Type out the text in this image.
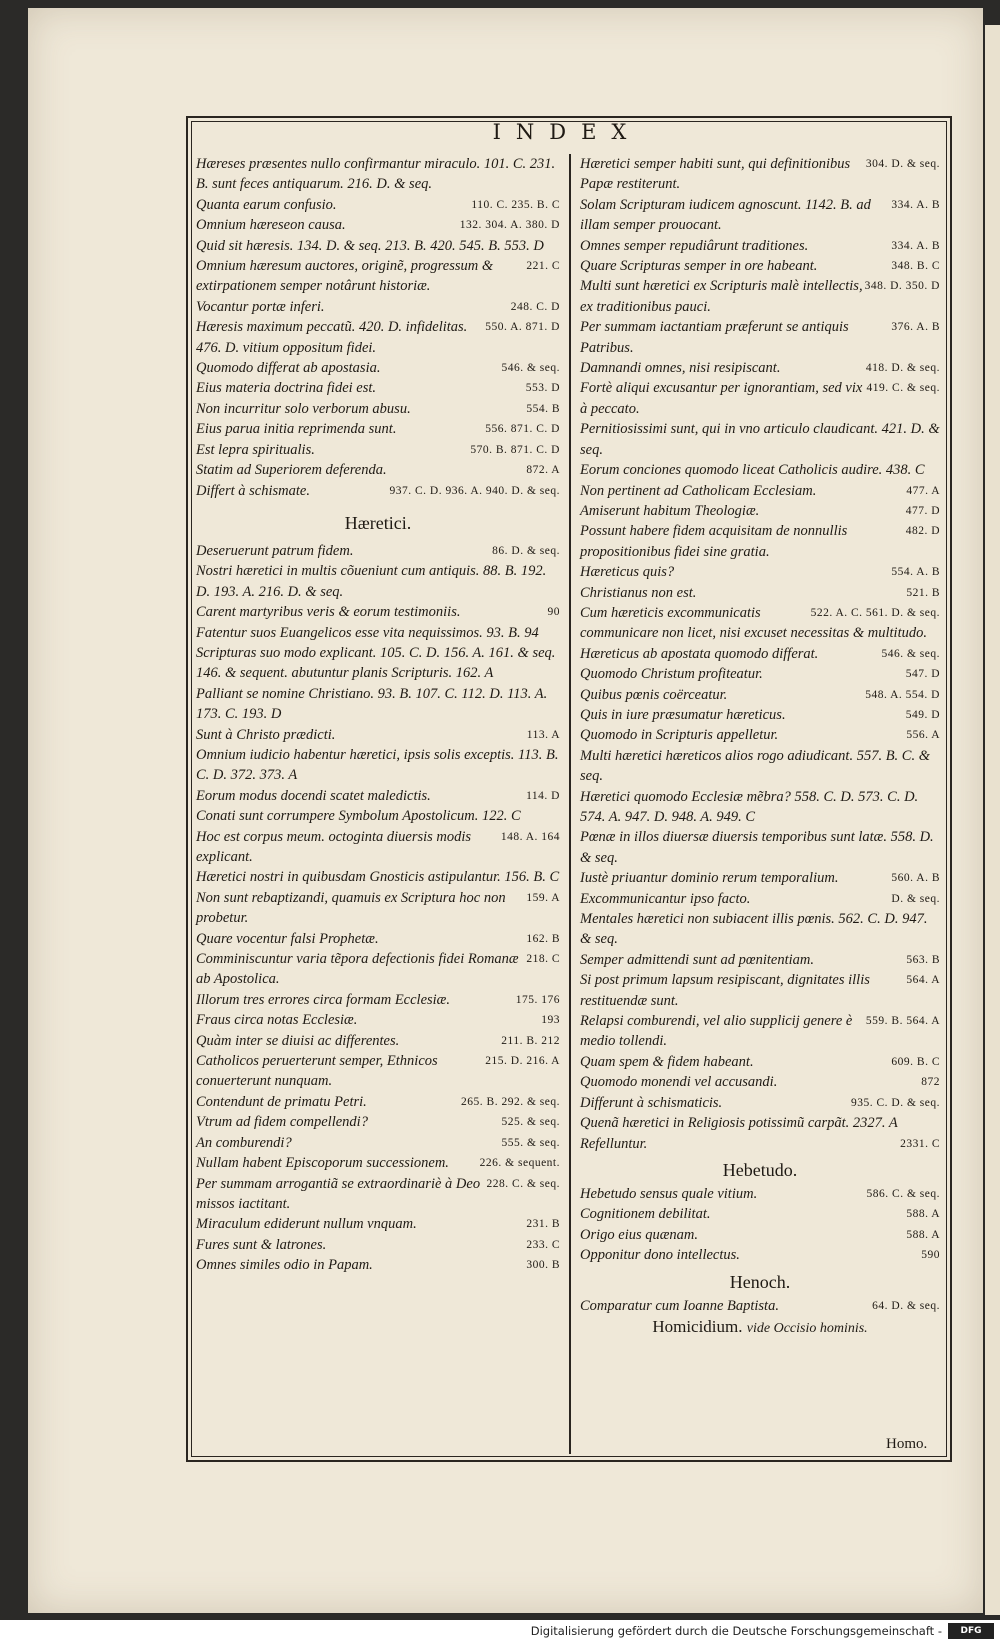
INDEX

Hæreses præsentes nullo confirmantur miraculo. 101. C. 231. B. sunt feces antiquarum. 216. D. & seq.

110. C. 235. B. C
Quanta earum confusio.

132. 304. A. 380. D
Omnium hæreseon causa.

Quid sit hæresis. 134. D. & seq. 213. B. 420. 545. B. 553. D

221. C
Omnium hæresum auctores, originẽ, progressum & extirpationem semper notârunt historiæ.

248. C. D
Vocantur portæ inferi.

550. A. 871. D
Hæresis maximum peccatũ. 420. D. infidelitas. 476. D. vitium oppositum fidei.

546. & seq.
Quomodo differat ab apostasia.

553. D
Eius materia doctrina fidei est.

554. B
Non incurritur solo verborum abusu.

556. 871. C. D
Eius parua initia reprimenda sunt.

570. B. 871. C. D
Est lepra spiritualis.

872. A
Statim ad Superiorem deferenda.

937. C. D. 936. A. 940. D. & seq.
Differt à schismate.

Hæretici.

86. D. & seq.
Deseruerunt patrum fidem.

Nostri hæretici in multis cõueniunt cum antiquis. 88. B. 192. D. 193. A. 216. D. & seq.

90
Carent martyribus veris & eorum testimoniis.

Fatentur suos Euangelicos esse vita nequissimos. 93. B. 94

Scripturas suo modo explicant. 105. C. D. 156. A. 161. & seq. 146. & sequent. abutuntur planis Scripturis. 162. A

Palliant se nomine Christiano. 93. B. 107. C. 112. D. 113. A. 173. C. 193. D

113. A
Sunt à Christo prædicti.

Omnium iudicio habentur hæretici, ipsis solis exceptis. 113. B. C. D. 372. 373. A

114. D
Eorum modus docendi scatet maledictis.

Conati sunt corrumpere Symbolum Apostolicum. 122. C

148. A. 164
Hoc est corpus meum. octoginta diuersis modis explicant.

Hæretici nostri in quibusdam Gnosticis astipulantur. 156. B. C

159. A
Non sunt rebaptizandi, quamuis ex Scriptura hoc non probetur.

162. B
Quare vocentur falsi Prophetæ.

218. C
Comminiscuntur varia tẽpora defectionis fidei Romanæ ab Apostolica.

175. 176
Illorum tres errores circa formam Ecclesiæ.

193
Fraus circa notas Ecclesiæ.

211. B. 212
Quàm inter se diuisi ac differentes.

215. D. 216. A
Catholicos peruerterunt semper, Ethnicos conuerterunt nunquam.

265. B. 292. & seq.
Contendunt de primatu Petri.

525. & seq.
Vtrum ad fidem compellendi?

555. & seq.
An comburendi?

226. & sequent.
Nullam habent Episcoporum successionem.

228. C. & seq.
Per summam arrogantiã se extraordinariè à Deo missos iactitant.

231. B
Miraculum ediderunt nullum vnquam.

233. C
Fures sunt & latrones.

300. B
Omnes similes odio in Papam.

304. D. & seq.
Hæretici semper habiti sunt, qui definitionibus Papæ restiterunt.

334. A. B
Solam Scripturam iudicem agnoscunt. 1142. B. ad illam semper prouocant.

334. A. B
Omnes semper repudiârunt traditiones.

348. B. C
Quare Scripturas semper in ore habeant.

348. D. 350. D
Multi sunt hæretici ex Scripturis malè intellectis, ex traditionibus pauci.

376. A. B
Per summam iactantiam præferunt se antiquis Patribus.

418. D. & seq.
Damnandi omnes, nisi resipiscant.

419. C. & seq.
Fortè aliqui excusantur per ignorantiam, sed vix à peccato.

Pernitiosissimi sunt, qui in vno articulo claudicant. 421. D. & seq.

Eorum conciones quomodo liceat Catholicis audire. 438. C

477. A
Non pertinent ad Catholicam Ecclesiam.

477. D
Amiserunt habitum Theologiæ.

482. D
Possunt habere fidem acquisitam de nonnullis propositionibus fidei sine gratia.

554. A. B
Hæreticus quis?

521. B
Christianus non est.

522. A. C. 561. D. & seq.
Cum hæreticis excommunicatis communicare non licet, nisi excuset necessitas & multitudo.

546. & seq.
Hæreticus ab apostata quomodo differat.

547. D
Quomodo Christum profiteatur.

548. A. 554. D
Quibus pœnis coërceatur.

549. D
Quis in iure præsumatur hæreticus.

556. A
Quomodo in Scripturis appelletur.

Multi hæretici hæreticos alios rogo adiudicant. 557. B. C. & seq.

Hæretici quomodo Ecclesiæ mẽbra? 558. C. D. 573. C. D. 574. A. 947. D. 948. A. 949. C

Pœnæ in illos diuersæ diuersis temporibus sunt latæ. 558. D. & seq.

560. A. B
Iustè priuantur dominio rerum temporalium.

D. & seq.
Excommunicantur ipso facto.

Mentales hæretici non subiacent illis pœnis. 562. C. D. 947. & seq.

563. B
Semper admittendi sunt ad pœnitentiam.

564. A
Si post primum lapsum resipiscant, dignitates illis restituendæ sunt.

559. B. 564. A
Relapsi comburendi, vel alio supplicij genere è medio tollendi.

609. B. C
Quam spem & fidem habeant.

872
Quomodo monendi vel accusandi.

935. C. D. & seq.
Differunt à schismaticis.

Quenã hæretici in Religiosis potissimũ carpãt. 2327. A

2331. C
Refelluntur.

Hebetudo.

586. C. & seq.
Hebetudo sensus quale vitium.

588. A
Cognitionem debilitat.

588. A
Origo eius quænam.

590
Opponitur dono intellectus.

Henoch.

64. D. & seq.
Comparatur cum Ioanne Baptista.

Homicidium. vide Occisio hominis.
Homo.
Digitalisierung gefördert durch die Deutsche Forschungsgemeinschaft -	DFG
